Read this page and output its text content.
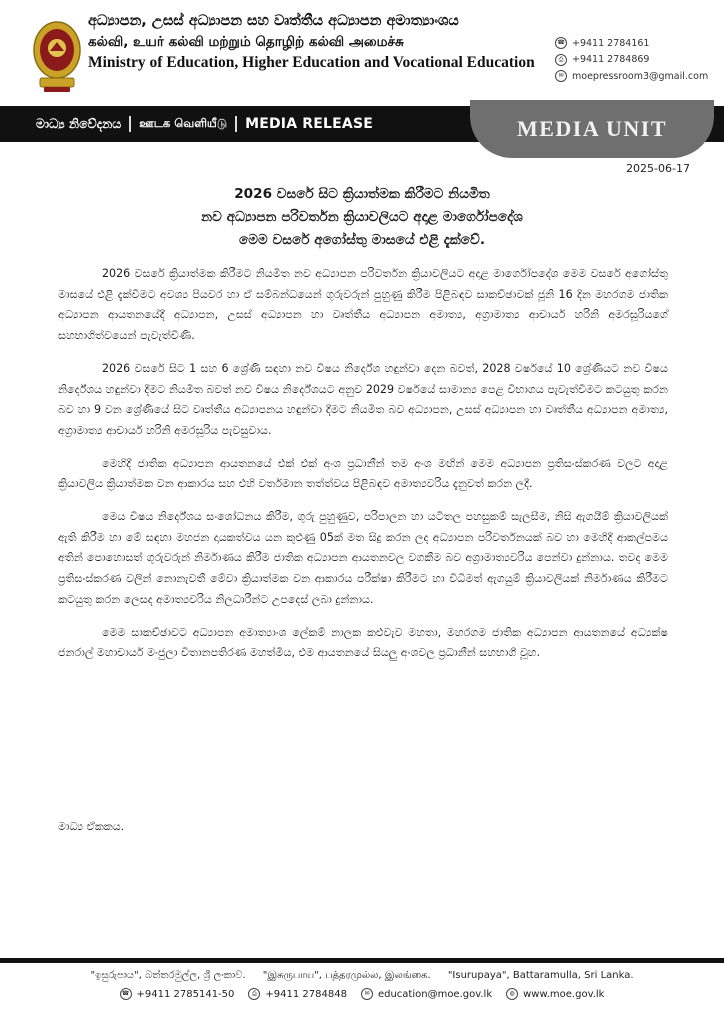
අධ්‍යාපන, උසස් අධ්‍යාපන සහ වෘත්තීය අධ්‍යාපන අමාත්‍යාංශය
கல்வி, உயர் கல்வி மற்றும் தொழிற் கல்வி அமைச்சு
Ministry of Education, Higher Education and Vocational Education
☎ +9411 2784161
⎙ +9411 2784869
✉ moepressroom3@gmail.com
මාධ්‍ය නිවේදනය ஊடக வெளியீடு MEDIA RELEASE	MEDIA UNIT
2025-06-17
2026 වසරේ සිට ක්‍රියාත්මක කිරීමට නියමිත
නව අධ්‍යාපන පරිවර්තන ක්‍රියාවලියට අදාළ මාර්ගෝපදේශ
මෙම වසරේ අගෝස්තු මාසයේ එළි දැක්වේ.

2026 වසරේ ක්‍රියාත්මක කිරීමට නියමිත නව අධ්‍යාපන පරිවර්තන ක්‍රියාවලියට අදාළ මාර්ගෝපදේශ මෙම වසරේ අගෝස්තු මාසයේ එළි දැක්වීමට අවශ්‍ය පියවර හා ඒ සම්බන්ධයෙන් ගුරුවරුන් පුහුණු කිරීම පිළිබඳව සාකච්ඡාවක් ජූනි 16 දින මහරගම ජාතික අධ්‍යාපන ආයතනයේදී අධ්‍යාපන, උසස් අධ්‍යාපන හා වෘත්තීය අධ්‍යාපන අමාත්‍ය, අග්‍රාමාත්‍ය ආචාර්ය හරිනි අමරසූරියගේ සහභාගිත්වයෙන් පැවැත්විණි.

2026 වසරේ සිට 1 සහ 6 ශ්‍රේණි සඳහා නව විෂය නිර්දේශ හඳුන්වා දෙන බවත්, 2028 වර්ෂයේ 10 ශ්‍රේණියට නව විෂය නිර්දේශය හඳුන්වා දීමට නියමිත බවත් නව විෂය නිර්දේශයට අනුව 2029 වර්ෂයේ සාමාන්‍ය පෙළ විභාගය පැවැත්වීමට කටයුතු කරන බව හා 9 වන ශ්‍රේණියේ සිට වෘත්තීය අධ්‍යාපනය හඳුන්වා දීමට නියමිත බව අධ්‍යාපන, උසස් අධ්‍යාපන හා වෘත්තීය අධ්‍යාපන අමාත්‍ය, අග්‍රාමාත්‍ය ආචාර්ය හරිනි අමරසූරිය පැවසුවාය.

මෙහිදී ජාතික අධ්‍යාපන ආයතනයේ එක් එක් අංශ ප්‍රධානීන් තම අංශ මඟින් මෙම අධ්‍යාපන ප්‍රතිසංස්කරණ වලට අදාළ ක්‍රියාවලිය ක්‍රියාත්මක වන ආකාරය සහ එහි වර්තමාන තත්ත්වය පිළිබඳව අමාත්‍යවරිය දැනුවත් කරන ලදී.

මෙය විෂය නිර්දේශය සංශෝධනය කිරීම, ගුරු පුහුණුව, පරිපාලන හා යටිතල පහසුකම් සැලසීම, නිසි ඇගයීම් ක්‍රියාවලියක් ඇති කිරීම හා මේ සඳහා මහජන දායකත්වය යන කුළුණු 05ක් මත සිදු කරන ලද අධ්‍යාපන පරිවර්තනයක් බව හා මෙහිදී ආකල්පමය අතින් පොහොසත් ගුරුවරුන් නිර්මාණය කිරීම ජාතික අධ්‍යාපන ආයතනවල වගකීම බව අග්‍රාමාත්‍යවරිය පෙන්වා දුන්නාය. තවද මෙම ප්‍රතිසංස්කරණ වලින් නොනැවතී මේවා ක්‍රියාත්මක වන ආකාරය පරීක්ෂා කිරීමට හා විධිමත් ඇගයුම් ක්‍රියාවලියක් නිර්මාණය කිරීමට කටයුතු කරන ලෙසද අමාත්‍යවරිය නිලධාරීන්ට උපදෙස් ලබා දුන්නාය.

මෙම සාකච්ඡාවට අධ්‍යාපන අමාත්‍යාංශ ලේකම් නාලක කළුවැව මහතා, මහරගම ජාතික අධ්‍යාපන ආයතනයේ අධ්‍යක්ෂ ජනරාල් මහාචාර්ය මංජුලා විතානපතිරණ මහත්මිය, එම ආයතනයේ සියලු අංශවල ප්‍රධානීන් සහභාගී වූහ.

මාධ්‍ය ඒකකය.
"ඉසුරුපාය", බත්තරමුල්ල, ශ්‍රී ලංකාව. "இசுருபாய", பத்தரமுல்ல, இலங்கை. "Isurupaya", Battaramulla, Sri Lanka.
☎ +9411 2785141-50	⎙ +9411 2784848	✉ education@moe.gov.lk	◍ www.moe.gov.lk
